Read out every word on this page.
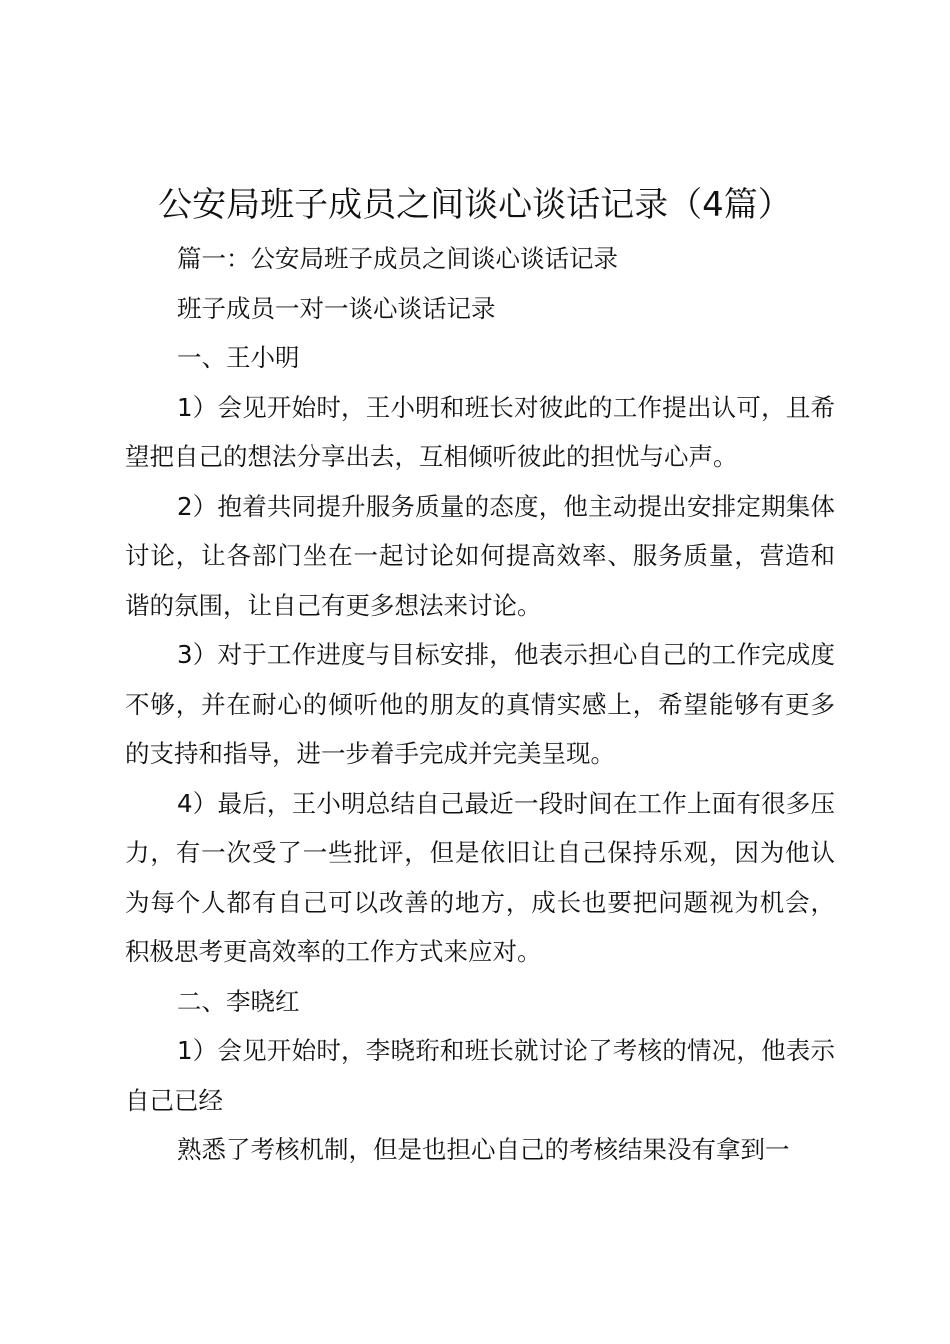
公安局班子成员之间谈心谈话记录（4篇）

篇一：公安局班子成员之间谈心谈话记录

班子成员一对一谈心谈话记录

一、王小明

1）会见开始时，王小明和班长对彼此的工作提出认可，且希望把自己的想法分享出去，互相倾听彼此的担忧与心声。

2）抱着共同提升服务质量的态度，他主动提出安排定期集体讨论，让各部门坐在一起讨论如何提高效率、服务质量，营造和谐的氛围，让自己有更多想法来讨论。

3）对于工作进度与目标安排，他表示担心自己的工作完成度不够，并在耐心的倾听他的朋友的真情实感上，希望能够有更多的支持和指导，进一步着手完成并完美呈现。

4）最后，王小明总结自己最近一段时间在工作上面有很多压力，有一次受了一些批评，但是依旧让自己保持乐观，因为他认为每个人都有自己可以改善的地方，成长也要把问题视为机会，积极思考更高效率的工作方式来应对。

二、李晓红

1）会见开始时，李晓珩和班长就讨论了考核的情况，他表示自己已经

熟悉了考核机制，但是也担心自己的考核结果没有拿到一
